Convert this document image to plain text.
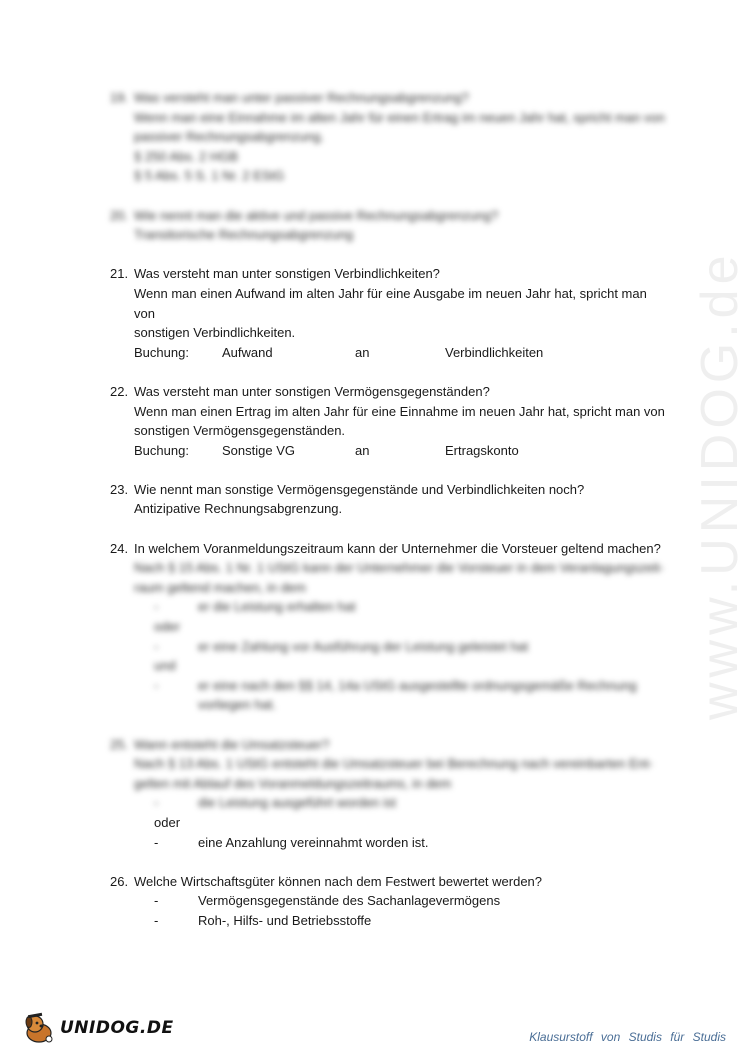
www.UNIDOG.de
19. Was versteht man unter passiver Rechnungsabgrenzung?
Wenn man eine Einnahme im alten Jahr für einen Ertrag im neuen Jahr hat, spricht man von
passiver Rechnungsabgrenzung.
§ 250 Abs. 2 HGB
§ 5 Abs. 5 S. 1 Nr. 2 EStG
20. Wie nennt man die aktive und passive Rechnungsabgrenzung?
Transitorische Rechnungsabgrenzung
21. Was versteht man unter sonstigen Verbindlichkeiten?
Wenn man einen Aufwand im alten Jahr für eine Ausgabe im neuen Jahr hat, spricht man von
sonstigen Verbindlichkeiten.
Buchung:	Aufwand	an	Verbindlichkeiten
22. Was versteht man unter sonstigen Vermögensgegenständen?
Wenn man einen Ertrag im alten Jahr für eine Einnahme im neuen Jahr hat, spricht man von
sonstigen Vermögensgegenständen.
Buchung:	Sonstige VG	an	Ertragskonto
23. Wie nennt man sonstige Vermögensgegenstände und Verbindlichkeiten noch?
Antizipative Rechnungsabgrenzung.
24. In welchem Voranmeldungszeitraum kann der Unternehmer die Vorsteuer geltend machen?
Nach § 15 Abs. 1 Nr. 1 UStG kann der Unternehmer die Vorsteuer in dem Veranlagungszeit-
raum geltend machen, in dem
-	er die Leistung erhalten hat
oder
-	er eine Zahlung vor Ausführung der Leistung geleistet hat
und
-	er eine nach den §§ 14, 14a UStG ausgestellte ordnungsgemäße Rechnung
vorliegen hat.
25. Wann entsteht die Umsatzsteuer?
Nach § 13 Abs. 1 UStG entsteht die Umsatzsteuer bei Berechnung nach vereinbarten Ent-
gelten mit Ablauf des Voranmeldungszeitraums, in dem
-	die Leistung ausgeführt worden ist
oder
-	eine Anzahlung vereinnahmt worden ist.
26. Welche Wirtschaftsgüter können nach dem Festwert bewertet werden?
-	Vermögensgegenstände des Sachanlagevermögens
-	Roh-, Hilfs- und Betriebsstoffe
UNIDOG.DE	Klausurstoff von Studis für Studis
